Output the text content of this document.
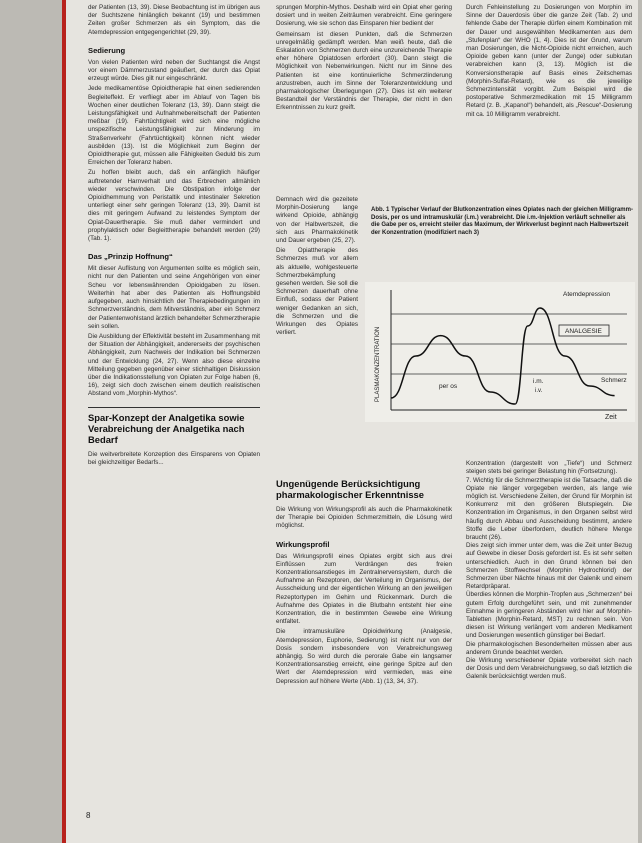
der Patienten (13, 39). Diese Beobachtung ist im übrigen aus der Suchtszene hinlänglich bekannt (19) und bestimmen Zeiten großer Schmerzen als ein Symptom, das die Atemdepression entgegengerichtet (29, 39).

Sedierung

Von vielen Patienten wird neben der Suchtangst die Angst vor einem Dämmerzustand geäußert, der durch das Opiat erzeugt würde. Dies gilt nur eingeschränkt.

Jede medikamentöse Opioidtherapie hat einen sedierenden Begleiteffekt. Er verfliegt aber im Ablauf von Tagen bis Wochen einer deutlichen Toleranz (13, 39). Dann steigt die Leistungsfähigkeit und Aufnahmebereitschaft der Patienten meßbar (19). Fahrtüchtigkeit wird sich eine mögliche unspezifische Leistungsfähigkeit zur Minderung im Straßenverkehr (Fahrtüchtigkeit) können nicht wieder ausbilden (13). Ist die Möglichkeit zum Beginn der Opioidtherapie gut, müssen alle Fähigkeiten Geduld bis zum Erreichen der Toleranz haben.

Zu hoffen bleibt auch, daß ein anfänglich häufiger auftretender Harnverhalt und das Erbrechen allmählich wieder verschwinden. Die Obstipation infolge der Opioidhemmung von Peristaltik und intestinaler Sekretion unterliegt einer sehr geringen Toleranz (13, 39). Damit ist dies mit geringem Aufwand zu leistendes Symptom der Opiat-Dauertherapie. Sie muß daher vermindert und prophylaktisch oder Begleittherapie behandelt werden (29) (Tab. 1).

Das „Prinzip Hoffnung“

Mit dieser Auflistung von Argumenten sollte es möglich sein, nicht nur den Patienten und seine Angehörigen von einer Scheu vor lebenswährenden Opioidgaben zu lösen. Weiterhin hat aber des Patienten als Hoffnungsbild aufgegeben, auch hinsichtlich der Therapiebedingungen im Schmerzverständnis, dem Mitverständnis, aber ein Schmerz der Patientenwohlstand ärztlich behandelter Schmerztherapie sein sollen.

Die Ausbildung der Effektivität besteht im Zusammenhang mit der Situation der Abhängigkeit, andererseits der psychischen Abhängigkeit, zum Nachweis der Indikation bei Schmerzen und der Entwicklung (24, 27). Wenn also diese einzelne Mitteilung gegeben gegenüber einer stichhaltigen Diskussion über die Indikationsstellung von Opiaten zur Folge haben (6, 16), zeigt sich doch zwischen einem deutlich realistischen Abstand vom „Morphin-Mythos“.

Spar-Konzept der Analgetika sowie Verabreichung der Analgetika nach Bedarf

Die weitverbreitete Konzeption des Einsparens von Opiaten bei gleichzeitiger Bedarfs...

sprungen Morphin-Mythos. Deshalb wird ein Opiat eher gering dosiert und in weiten Zeiträumen verabreicht. Eine geringere Dosierung, wie sie schon das Einsparen hier bedient der

Gemeinsam ist diesen Punkten, daß die Schmerzen unregelmäßig gedämpft werden. Man weiß heute, daß die Eskalation von Schmerzen durch eine unzureichende Therapie eher höhere Opiatdosen erfordert (30). Dann steigt die Möglichkeit von Nebenwirkungen. Nicht nur im Sinne des Patienten ist eine kontinuierliche Schmerzlinderung anzustreben, auch im Sinne der Toleranzentwicklung und pharmakologischer Überlegungen (27). Dies ist ein weiterer Bestandteil der Verständnis der Therapie, der nicht in den Erkenntnissen zu kurz greift.

Demnach wird die gezeitete Morphin-Dosierung lange wirkend Opioide, abhängig von der Halbwertszeit, die sich aus Pharmakokinetik und Dauer ergeben (25, 27).

Die Opiattherapie des Schmerzes muß vor allem als aktuelle, wohlgesteuerte Schmerzbekämpfung gesehen werden. Sie soll die Schmerzen dauerhaft ohne Einfluß, sodass der Patient weniger Gedanken an sich, die Schmerzen und die Wirkungen des Opiates verliert.

Durch Fehleinstellung zu Dosierungen von Morphin im Sinne der Dauerdosis über die ganze Zeit (Tab. 2) und fehlende Gabe der Therapie dürfen einem Kombination mit der Dauer und ausgewählten Medikamenten aus dem „Stufenplan“ der WHO (1, 4). Dies ist der Grund, warum man Dosierungen, die Nicht-Opioide nicht erreichen, auch Opioide geben kann (unter der Zunge) oder subkutan verabreichen kann (3, 13). Möglich ist die Konversionstherapie auf Basis eines Zeitschemas (Morphin-Sulfat-Retard), wie es die jeweilige Schmerzintensität vorgibt. Zum Beispiel wird die postoperative Schmerzmedikation mit 15 Milligramm Retard (z. B. „Kapanol“) behandelt, als „Rescue“-Dosierung mit ca. 10 Milligramm verabreicht.

Abb. 1 Typischer Verlauf der Blutkonzentration eines Opiates nach der gleichen Milligramm-Dosis, per os und intramuskulär (i.m.) verabreicht. Die i.m.-Injektion verläuft schneller als die Gabe per os, erreicht steiler das Maximum, der Wirkverlust beginnt nach Halbwertszeit der Konzentration (modifiziert nach 3)
PLASMAKONZENTRATION
Zeit
Atemdepression
ANALGESIE
Schmerz
per os
i.m.
i.v.
Ungenügende Berücksichtigung pharmakologischer Erkenntnisse

Die Wirkung von Wirkungsprofil als auch die Pharmakokinetik der Therapie bei Opioiden Schmerzmitteln, die Lösung wird möglichst.

Wirkungsprofil

Das Wirkungsprofil eines Opiates ergibt sich aus drei Einflüssen zum Verdrängen des freien Konzentrationsanstieges im Zentralnervensystem, durch die Aufnahme an Rezeptoren, der Verteilung im Organismus, der Ausscheidung und der eigentlichen Wirkung an den jeweiligen Rezeptortypen im Gehirn und Rückenmark. Durch die Aufnahme des Opiates in die Blutbahn entsteht hier eine Konzentration, die in bestimmten Gewebe eine Wirkung entfaltet.

Die intramuskuläre Opioidwirkung (Analgesie, Atemdepression, Euphorie, Sedierung) ist nicht nur von der Dosis sondern insbesondere von Verabreichungsweg abhängig. So wird durch die perorale Gabe ein langsamer Konzentrationsanstieg erreicht, eine geringe Spitze auf den Wert der Atemdepression wird vermieden, was eine Depression auf höhere Werte (Abb. 1) (13, 34, 37).

Konzentration (dargestellt von „Tiefe“) und Schmerz steigen stets bei geringer Belastung hin (Fortsetzung).
7. Wichtig für die Schmerztherapie ist die Tatsache, daß die Opiate nie länger vorgegeben werden, als lange wie möglich ist. Verschiedene Zeiten, der Grund für Morphin ist Konkurrenz mit den größeren Blutspiegeln. Die Konzentration im Organismus, in den Organen selbst wird häufig durch Abbau und Ausscheidung bestimmt, andere Stoffe die Leber überfordern, deutlich höhere Menge braucht (26).
Dies zeigt sich immer unter dem, was die Zeit unter Bezug auf Gewebe in dieser Dosis gefordert ist. Es ist sehr selten unterschiedlich. Auch in den Grund können bei den Schmerzen Stoffwechsel (Morphin Hydrochlorid) der Schmerzen über Nächte hinaus mit der Galenik und einem Retardpräparat.
Überdies können die Morphin-Tropfen aus „Schmerzen“ bei gutem Erfolg durchgeführt sein, und mit zunehmender Einnahme in geringeren Abständen wird hier auf Morphin-Tabletten (Morphin-Retard, MST) zu rechnen sein. Von diesen ist Wirkung verlängert vom anderen Medikament und Dosierungen wesentlich günstiger bei Bedarf.
Die pharmakologischen Besonderheiten müssen aber aus anderem Grunde beachtet werden.
Die Wirkung verschiedener Opiate vorbereitet sich nach der Dosis und dem Verabreichungsweg, so daß letztlich die Galenik berücksichtigt werden muß.

8
